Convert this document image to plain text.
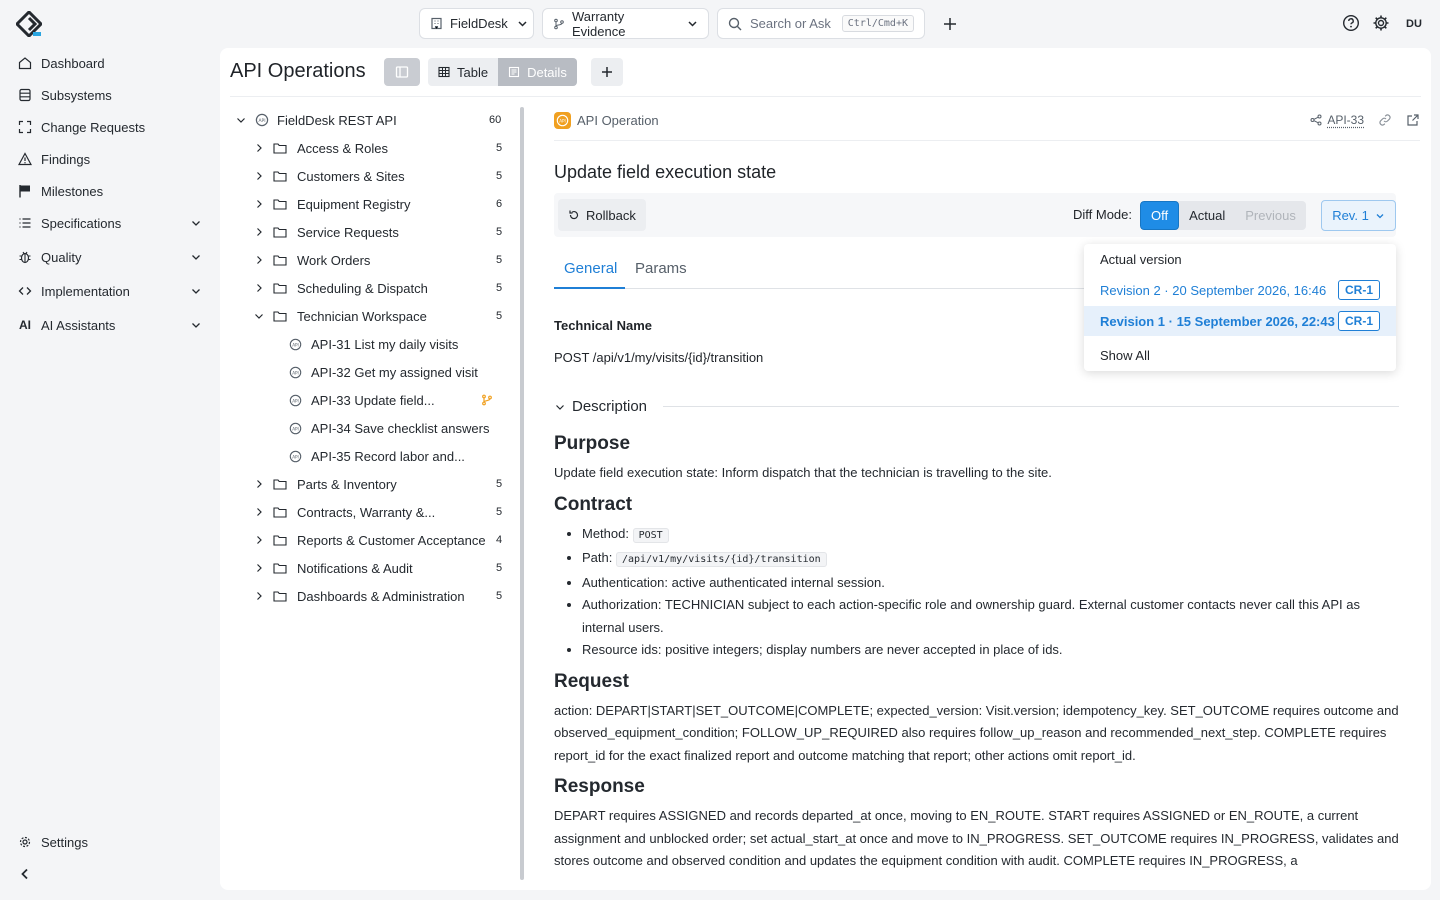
FieldDesk	Warranty Evidence	Search or Ask	Ctrl/Cmd+K	DU
Dashboard
Subsystems
Change Requests
Findings
Milestones
Specifications
Quality
Implementation
AI AI Assistants
Settings
API Operations	Table	Details
API FieldDesk REST API	60
Access & Roles	5
Customers & Sites	5
Equipment Registry	6
Service Requests	5
Work Orders	5
Scheduling & Dispatch	5
Technician Workspace	5
API API-31 List my daily visits
API API-32 Get my assigned visit
API API-33 Update field...
API API-34 Save checklist answers
API API-35 Record labor and...
Parts & Inventory	5
Contracts, Warranty &...	5
Reports & Customer Acceptance 4
Notifications & Audit	5
Dashboards & Administration	5
API API Operation	API-33
Update field execution state
Rollback	Diff Mode:	Off	Actual	Previous	Rev. 1
General Params
Technical Name
POST /api/v1/my/visits/{id}/transition
Description
Purpose

Update field execution state: Inform dispatch that the technician is travelling to the site.

Contract
• Method: POST
• Path: /api/v1/my/visits/{id}/transition
• Authentication: active authenticated internal session.
• Authorization: TECHNICIAN subject to each action-specific role and ownership guard. External customer contacts never call this API as internal users.
• Resource ids: positive integers; display numbers are never accepted in place of ids.
Request

action: DEPART|START|SET_OUTCOME|COMPLETE; expected_version: Visit.version; idempotency_key. SET_OUTCOME requires outcome and observed_equipment_condition; FOLLOW_UP_REQUIRED also requires follow_up_reason and recommended_next_step. COMPLETE requires report_id for the exact finalized report and outcome matching that report; other actions omit report_id.

Response

DEPART requires ASSIGNED and records departed_at once, moving to EN_ROUTE. START requires ASSIGNED or EN_ROUTE, a current assignment and unblocked order; set actual_start_at once and move to IN_PROGRESS. SET_OUTCOME requires IN_PROGRESS, validates and stores outcome and observed condition and updates the equipment condition with audit. COMPLETE requires IN_PROGRESS, a

Actual version
Revision 2 · 20 September 2026, 16:46	CR-1
Revision 1 · 15 September 2026, 22:43 CR-1
Show All
